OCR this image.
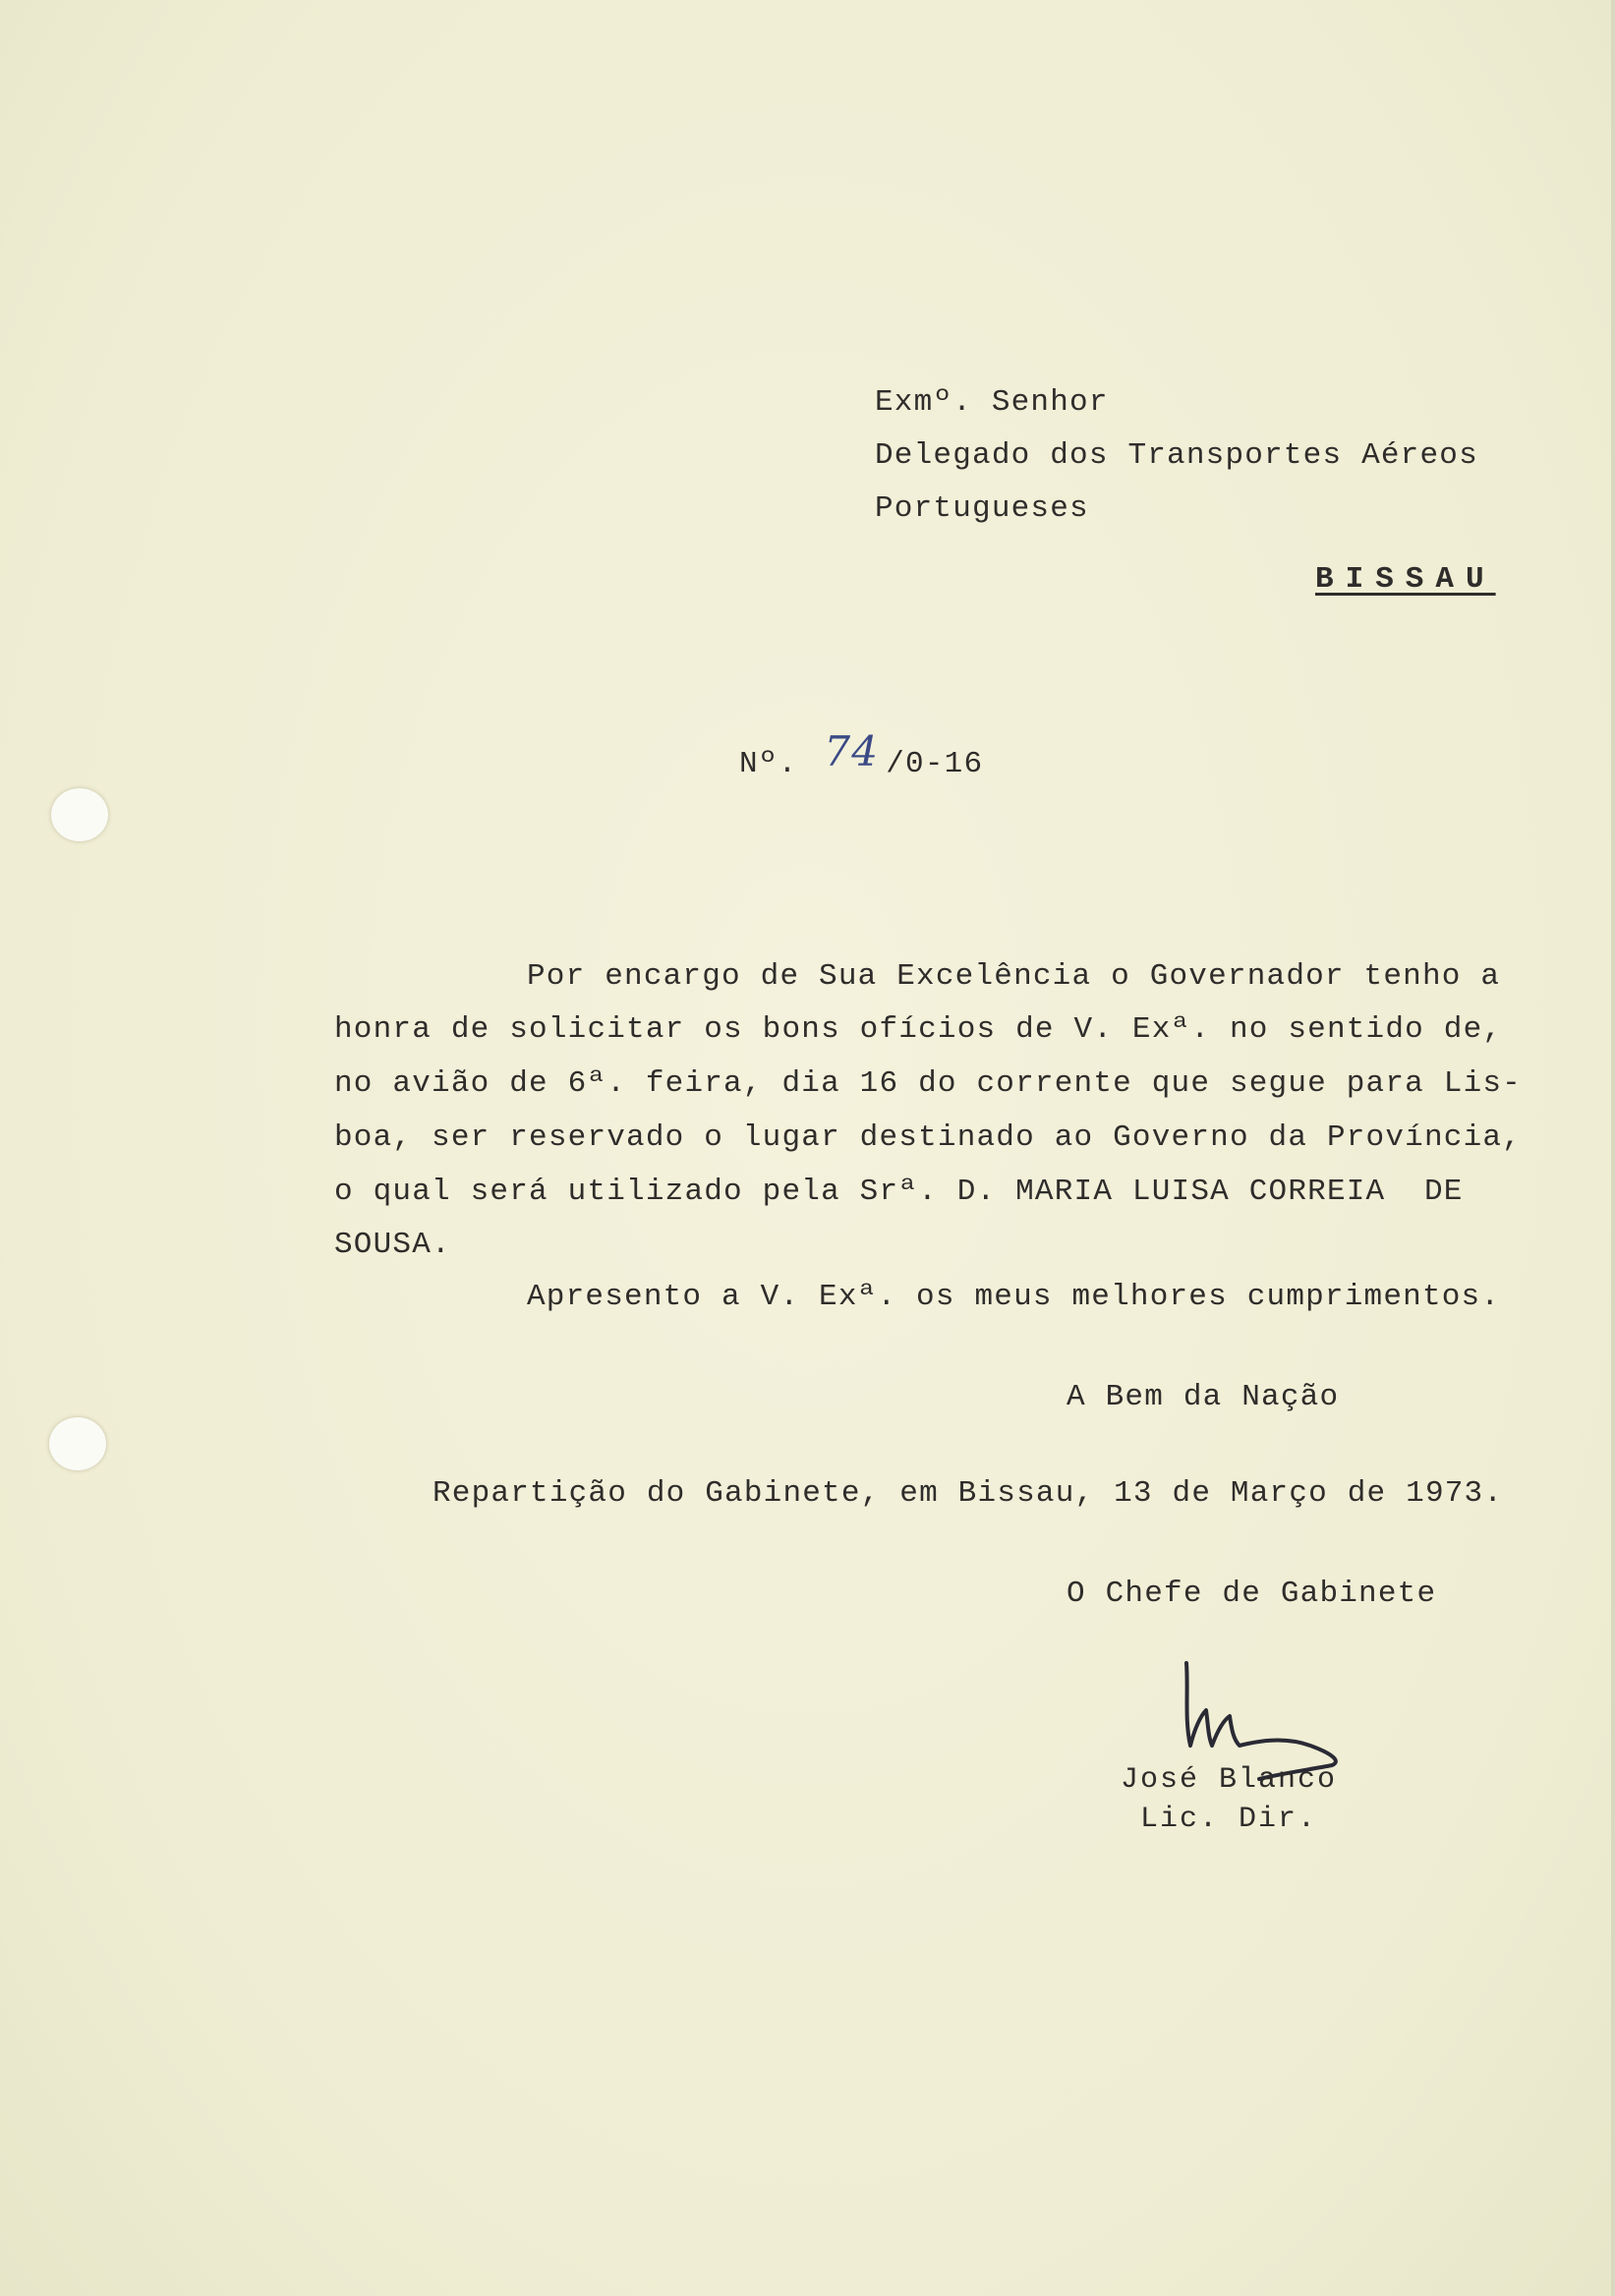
Exmº. Senhor
Delegado dos Transportes Aéreos
Portugueses
BISSAU
Nº. 74 /0-16
Por encargo de Sua Excelência o Governador tenho a
honra de solicitar os bons ofícios de V. Exª. no sentido de,
no avião de 6ª. feira, dia 16 do corrente que segue para Lis-
boa, ser reservado o lugar destinado ao Governo da Província,
o qual será utilizado pela Srª. D. MARIA LUISA CORREIA  DE
SOUSA.
Apresento a V. Exª. os meus melhores cumprimentos.
A Bem da Nação
Repartição do Gabinete, em Bissau, 13 de Março de 1973.
O Chefe de Gabinete
José Blanco
Lic. Dir.
